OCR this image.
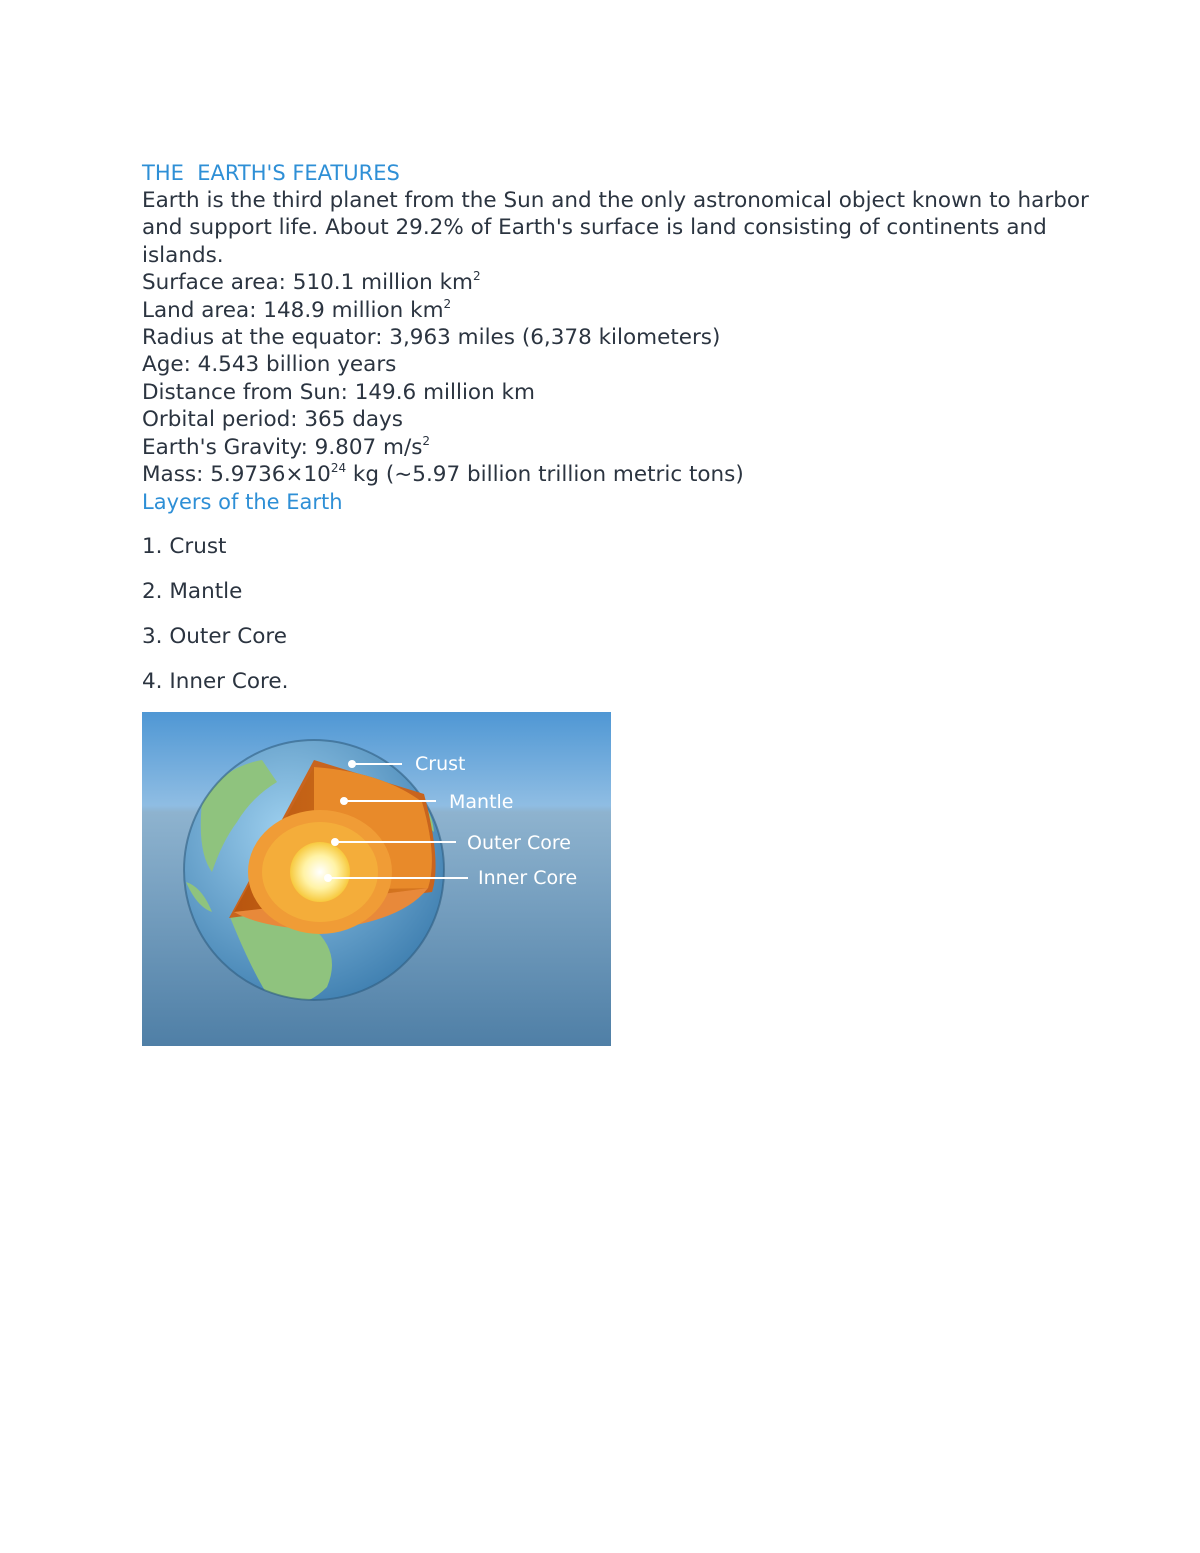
THE  EARTH'S FEATURES

Earth is the third planet from the Sun and the only astronomical object known to harbor and support life. About 29.2% of Earth's surface is land consisting of continents and islands.

Surface area: 510.1 million $km^2$
Land area: 148.9 million $km^2$
Radius at the equator: 3,963 miles (6,378 kilometers)
Age: 4.543 billion years
Distance from Sun: 149.6 million km
Orbital period: 365 days
Earth's Gravity: 9.807 $m/s^2$
Mass: $5.9736\times 10^{24}$ kg (~5.97 billion trillion metric tons)
Layers of the Earth
1. Crust
2. Mantle
3. Outer Core
4. Inner Core.
Crust
Mantle
Outer Core
Inner Core
